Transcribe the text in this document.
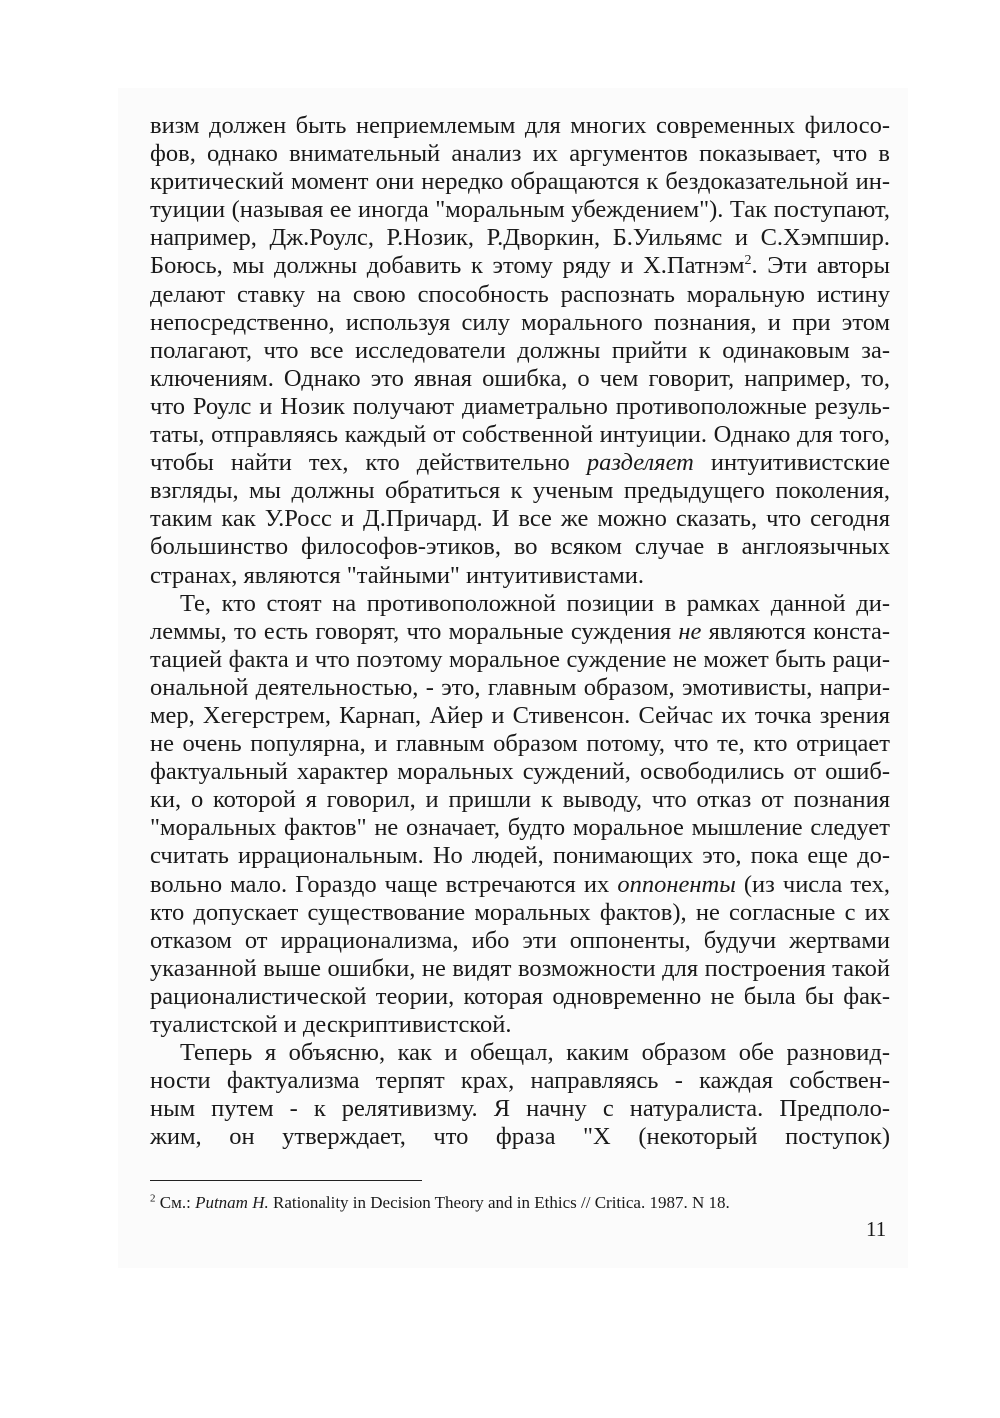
визм должен быть неприемлемым для многих современных филосо-
фов, однако внимательный анализ их аргументов показывает, что в
критический момент они нередко обращаются к бездоказательной ин-
туиции (называя ее иногда "моральным убеждением"). Так поступают,
например, Дж.Роулс, Р.Нозик, Р.Дворкин, Б.Уильямс и С.Хэмпшир.
Боюсь, мы должны добавить к этому ряду и Х.Патнэм$^2$. Эти авторы
делают ставку на свою способность распознать моральную истину
непосредственно, используя силу морального познания, и при этом
полагают, что все исследователи должны прийти к одинаковым за-
ключениям. Однако это явная ошибка, о чем говорит, например, то,
что Роулс и Нозик получают диаметрально противоположные резуль-
таты, отправляясь каждый от собственной интуиции. Однако для того,
чтобы найти тех, кто действительно разделяет интуитивистские
взгляды, мы должны обратиться к ученым предыдущего поколения,
таким как У.Росс и Д.Причард. И все же можно сказать, что сегодня
большинство философов-этиков, во всяком случае в англоязычных
странах, являются "тайными" интуитивистами.
Те, кто стоят на противоположной позиции в рамках данной ди-
леммы, то есть говорят, что моральные суждения не являются конста-
тацией факта и что поэтому моральное суждение не может быть раци-
ональной деятельностью, - это, главным образом, эмотивисты, напри-
мер, Хегерстрем, Карнап, Айер и Стивенсон. Сейчас их точка зрения
не очень популярна, и главным образом потому, что те, кто отрицает
фактуальный характер моральных суждений, освободились от ошиб-
ки, о которой я говорил, и пришли к выводу, что отказ от познания
"моральных фактов" не означает, будто моральное мышление следует
считать иррациональным. Но людей, понимающих это, пока еще до-
вольно мало. Гораздо чаще встречаются их оппоненты (из числа тех,
кто допускает существование моральных фактов), не согласные с их
отказом от иррационализма, ибо эти оппоненты, будучи жертвами
указанной выше ошибки, не видят возможности для построения такой
рационалистической теории, которая одновременно не была бы фак-
туалистской и дескриптивистской.
Теперь я объясню, как и обещал, каким образом обе разновид-
ности фактуализма терпят крах, направляясь - каждая собствен-
ным путем - к релятивизму. Я начну с натуралиста. Предполо-
жим, он утверждает, что фраза "Х (некоторый поступок)
$^2$ См.: Putnam H. Rationality in Decision Theory and in Ethics // Critica. 1987. N 18.
11
